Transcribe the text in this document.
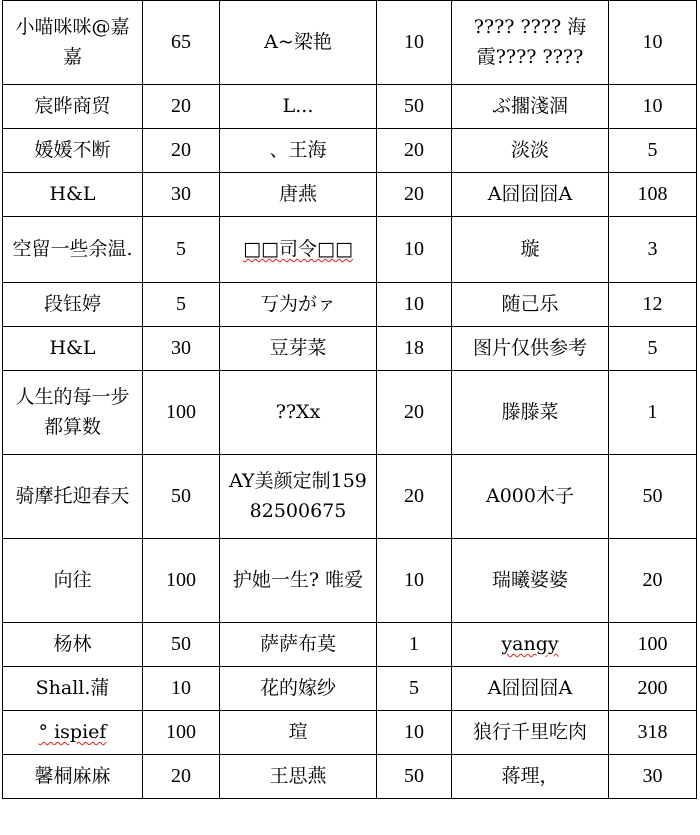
小喵咪咪@嘉嘉	65	A~梁艳	10	???? ???? 海霞???? ????	10
宸晔商贸	20	L...	50	ぶ擱淺涸	10
媛媛不断	20	、王海	20	淡淡	5
H&L	30	唐燕	20	A囧囧囧A	108
空留一些余温.	5	□□司令□□	10	璇	3
段钰婷	5	丂为がァ	10	随己乐	12
H&L	30	豆芽菜	18	图片仅供参考	5
人生的每一步都算数	100	??Xx	20	滕滕菜	1
骑摩托迎春天	50	AY美颜定制15982500675	20	A000木子	50
向往	100	护她一生? 唯爱	10	瑞曦婆婆	20
杨林	50	萨萨布莫	1	yangy	100
Shall.蒲	10	花的嫁纱	5	A囧囧囧A	200
° ispief	100	瑄	10	狼行千里吃肉	318
馨桐麻麻	20	王思燕	50	蒋理，	30
